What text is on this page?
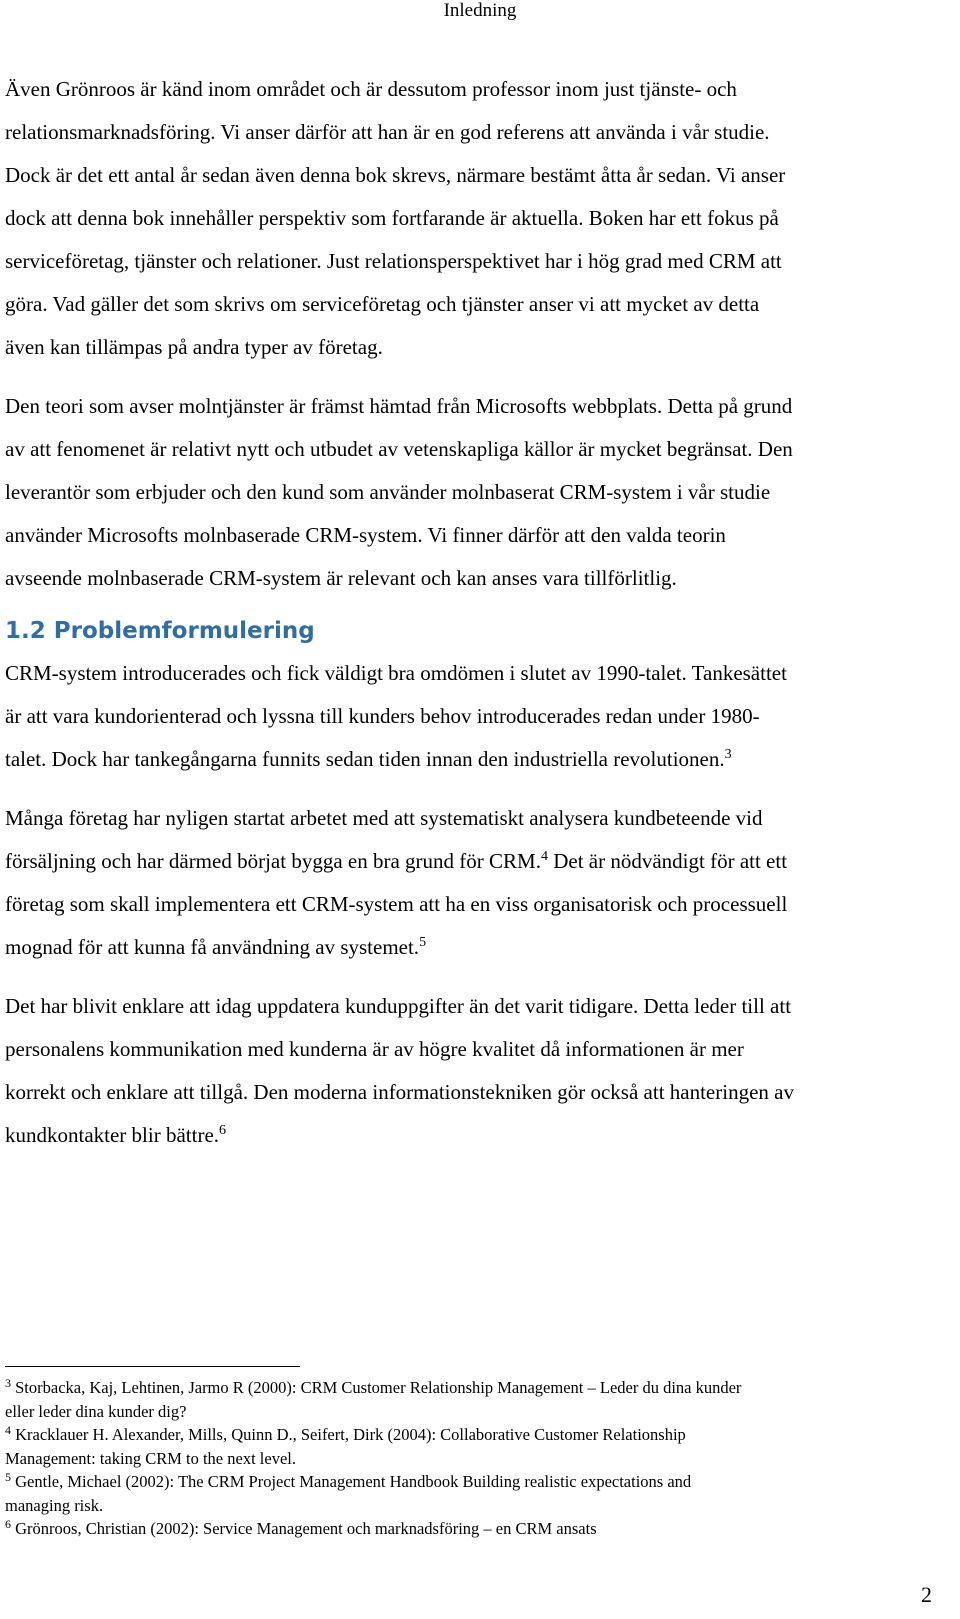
Inledning

Även Grönroos är känd inom området och är dessutom professor inom just tjänste- och
relationsmarknadsföring. Vi anser därför att han är en god referens att använda i vår studie.
Dock är det ett antal år sedan även denna bok skrevs, närmare bestämt åtta år sedan. Vi anser
dock att denna bok innehåller perspektiv som fortfarande är aktuella. Boken har ett fokus på
serviceföretag, tjänster och relationer. Just relationsperspektivet har i hög grad med CRM att
göra. Vad gäller det som skrivs om serviceföretag och tjänster anser vi att mycket av detta
även kan tillämpas på andra typer av företag.

Den teori som avser molntjänster är främst hämtad från Microsofts webbplats. Detta på grund
av att fenomenet är relativt nytt och utbudet av vetenskapliga källor är mycket begränsat. Den
leverantör som erbjuder och den kund som använder molnbaserat CRM-system i vår studie
använder Microsofts molnbaserade CRM-system. Vi finner därför att den valda teorin
avseende molnbaserade CRM-system är relevant och kan anses vara tillförlitlig.

1.2 Problemformulering

CRM-system introducerades och fick väldigt bra omdömen i slutet av 1990-talet. Tankesättet
är att vara kundorienterad och lyssna till kunders behov introducerades redan under 1980-
talet. Dock har tankegångarna funnits sedan tiden innan den industriella revolutionen.$^3$

Många företag har nyligen startat arbetet med att systematiskt analysera kundbeteende vid
försäljning och har därmed börjat bygga en bra grund för CRM.$^4$ Det är nödvändigt för att ett
företag som skall implementera ett CRM-system att ha en viss organisatorisk och processuell
mognad för att kunna få användning av systemet.$^5$

Det har blivit enklare att idag uppdatera kunduppgifter än det varit tidigare. Detta leder till att
personalens kommunikation med kunderna är av högre kvalitet då informationen är mer
korrekt och enklare att tillgå. Den moderna informationstekniken gör också att hanteringen av
kundkontakter blir bättre.$^6$

$^3$ Storbacka, Kaj, Lehtinen, Jarmo R (2000): CRM Customer Relationship Management – Leder du dina kunder

eller leder dina kunder dig?

$^4$ Kracklauer H. Alexander, Mills, Quinn D., Seifert, Dirk (2004): Collaborative Customer Relationship

Management: taking CRM to the next level.

$^5$ Gentle, Michael (2002): The CRM Project Management Handbook Building realistic expectations and

managing risk.

$^6$ Grönroos, Christian (2002): Service Management och marknadsföring – en CRM ansats

2
